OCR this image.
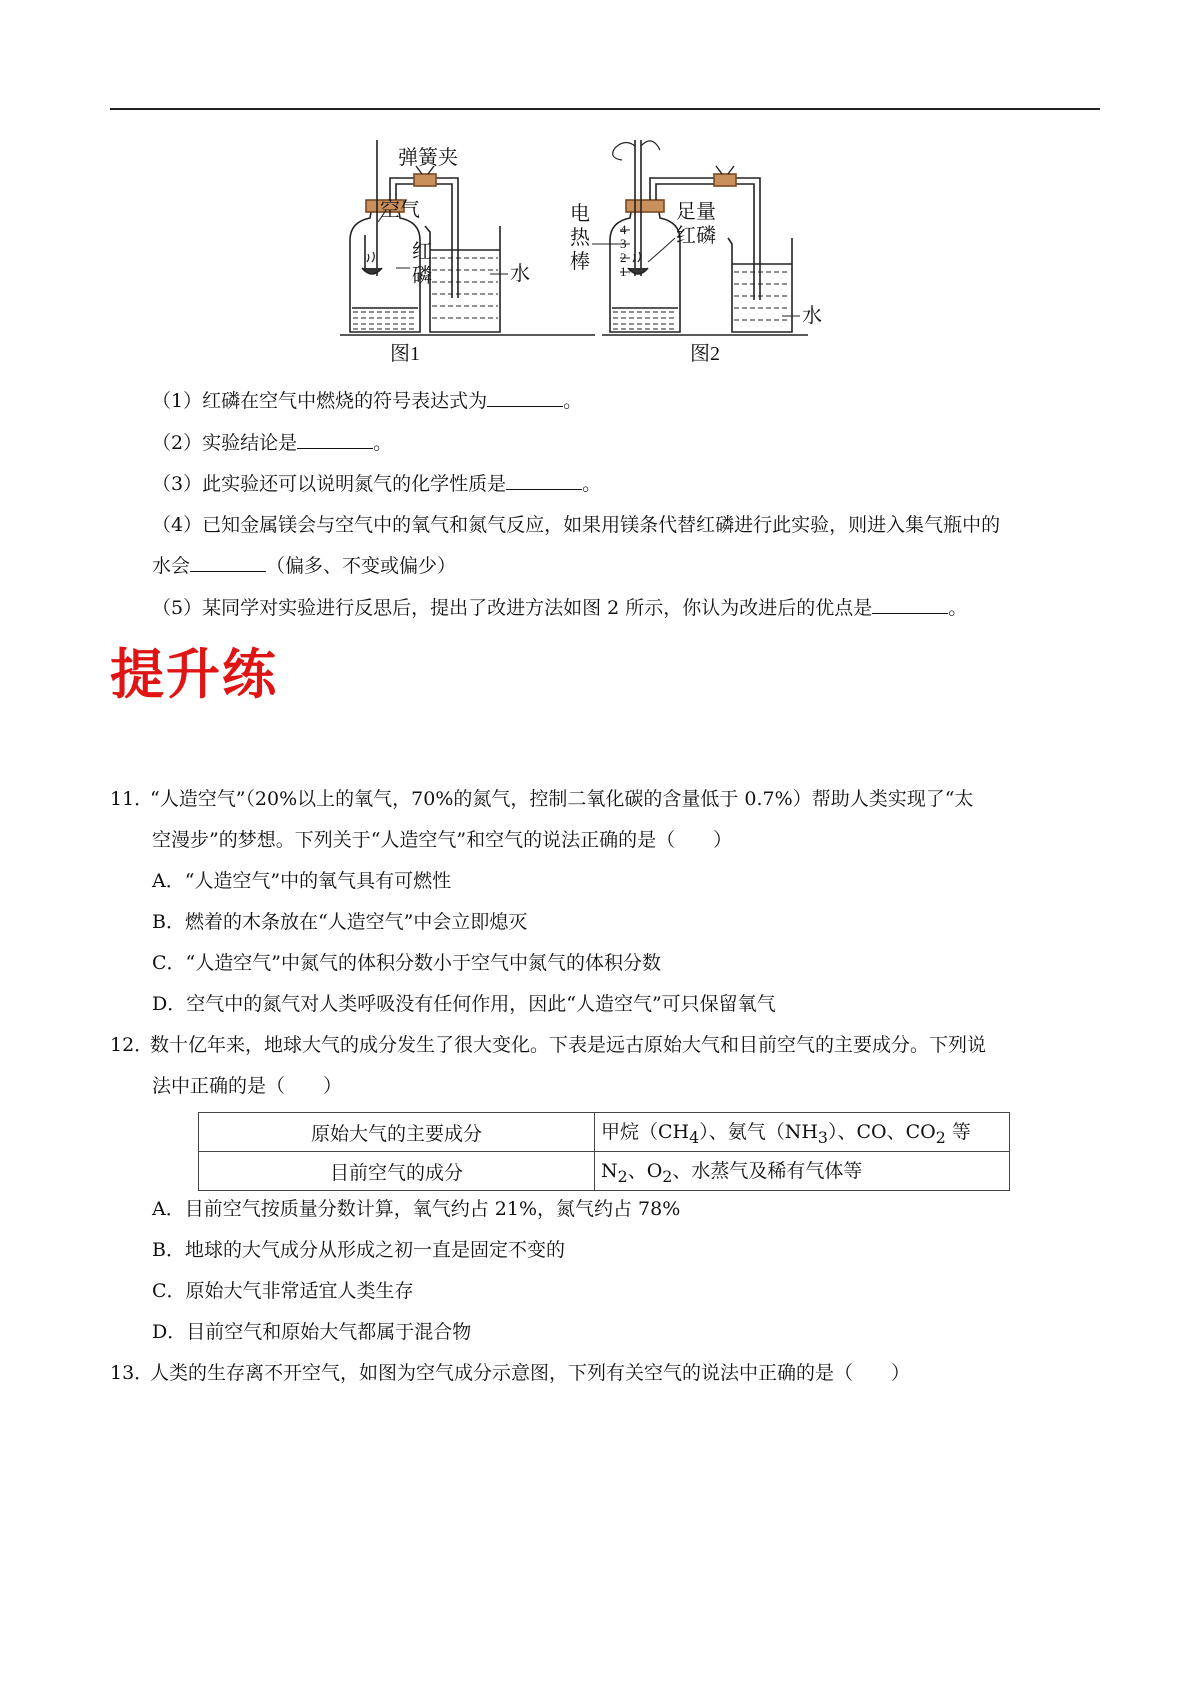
弹簧夹
空气
红
磷	水
图1
电
热
棒
足量
红磷
水
图2
4
3
2
1
（1）红磷在空气中燃烧的符号表达式为	。
（2）实验结论是	。
（3）此实验还可以说明氮气的化学性质是	。
（4）已知金属镁会与空气中的氧气和氮气反应，如果用镁条代替红磷进行此实验，则进入集气瓶中的
水会	（偏多、不变或偏少）
（5）某同学对实验进行反思后，提出了改进方法如图 2 所示，你认为改进后的优点是	。
提升练
11．“人造空气”（20%以上的氧气，70%的氮气，控制二氧化碳的含量低于 0.7%）帮助人类实现了“太
空漫步”的梦想。下列关于“人造空气”和空气的说法正确的是（　　）
A．“人造空气”中的氧气具有可燃性
B．燃着的木条放在“人造空气”中会立即熄灭
C．“人造空气”中氮气的体积分数小于空气中氮气的体积分数
D．空气中的氮气对人类呼吸没有任何作用，因此“人造空气”可只保留氧气
12．数十亿年来，地球大气的成分发生了很大变化。下表是远古原始大气和目前空气的主要成分。下列说
法中正确的是（　　）
原始大气的主要成分	甲烷$(CH_4)$、氨气$(NH_3)$、CO、$CO_2$ 等
目前空气的成分	$N_2$、$O_2$、水蒸气及稀有气体等
A．目前空气按质量分数计算，氧气约占 21%，氮气约占 78%
B．地球的大气成分从形成之初一直是固定不变的
C．原始大气非常适宜人类生存
D．目前空气和原始大气都属于混合物
13．人类的生存离不开空气，如图为空气成分示意图，下列有关空气的说法中正确的是（　　）
